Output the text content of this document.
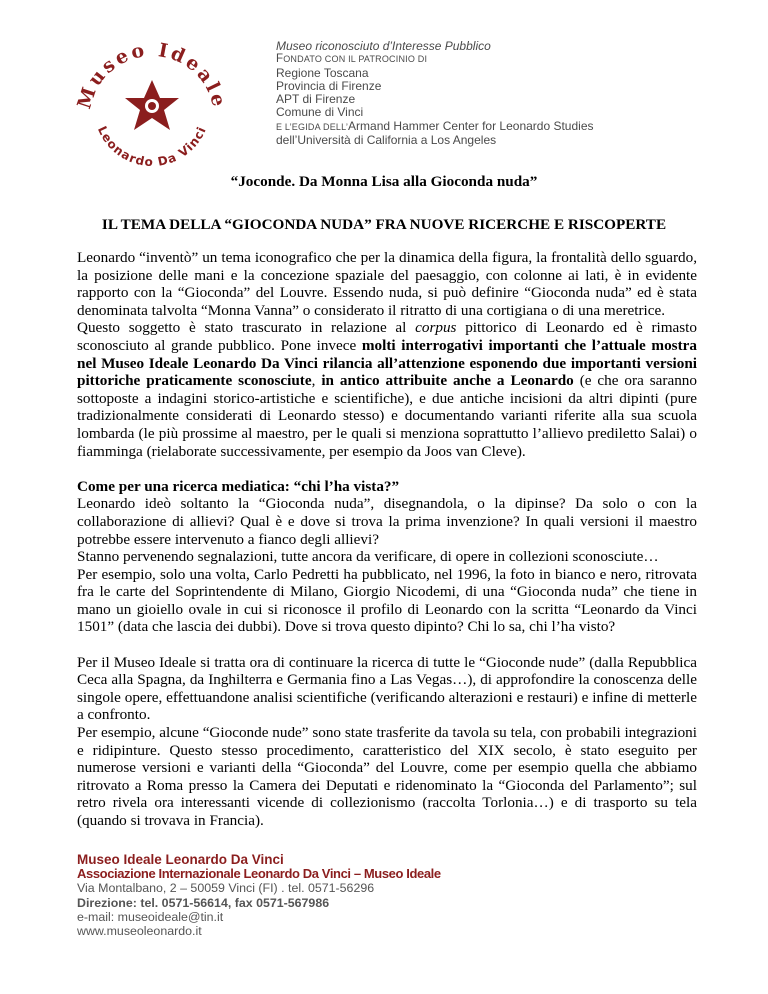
Museo Ideale
Leonardo Da Vinci
Museo riconosciuto d’Interesse Pubblico
FONDATO CON IL PATROCINIO DI
Regione Toscana
Provincia di Firenze
APT di Firenze
Comune di Vinci
E L’EGIDA DELL’Armand Hammer Center for Leonardo Studies
dell’Università di California a Los Angeles
“Joconde. Da Monna Lisa alla Gioconda nuda”
IL TEMA DELLA “GIOCONDA NUDA” FRA NUOVE RICERCHE E RISCOPERTE

Leonardo “inventò” un tema iconografico che per la dinamica della figura, la frontalità dello sguardo, la posizione delle mani e la concezione spaziale del paesaggio, con colonne ai lati, è in evidente rapporto con la “Gioconda” del Louvre. Essendo nuda, si può definire “Gioconda nuda” ed è stata denominata talvolta “Monna Vanna” o considerato il ritratto di una cortigiana o di una meretrice.

Questo soggetto è stato trascurato in relazione al corpus pittorico di Leonardo ed è rimasto sconosciuto al grande pubblico. Pone invece molti interrogativi importanti che l’attuale mostra nel Museo Ideale Leonardo Da Vinci rilancia all’attenzione esponendo due importanti versioni pittoriche praticamente sconosciute, in antico attribuite anche a Leonardo (e che ora saranno sottoposte a indagini storico-artistiche e scientifiche), e due antiche incisioni da altri dipinti (pure tradizionalmente considerati di Leonardo stesso) e documentando varianti riferite alla sua scuola lombarda (le più prossime al maestro, per le quali si menziona soprattutto l’allievo prediletto Salai) o fiamminga (rielaborate successivamente, per esempio da Joos van Cleve).

Come per una ricerca mediatica: “chi l’ha vista?”

Leonardo ideò soltanto la “Gioconda nuda”, disegnandola, o la dipinse? Da solo o con la collaborazione di allievi? Qual è e dove si trova la prima invenzione? In quali versioni il maestro potrebbe essere intervenuto a fianco degli allievi?

Stanno pervenendo segnalazioni, tutte ancora da verificare, di opere in collezioni sconosciute…

Per esempio, solo una volta, Carlo Pedretti ha pubblicato, nel 1996, la foto in bianco e nero, ritrovata fra le carte del Soprintendente di Milano, Giorgio Nicodemi, di una “Gioconda nuda” che tiene in mano un gioiello ovale in cui si riconosce il profilo di Leonardo con la scritta “Leonardo da Vinci 1501” (data che lascia dei dubbi). Dove si trova questo dipinto? Chi lo sa, chi l’ha visto?

Per il Museo Ideale si tratta ora di continuare la ricerca di tutte le “Gioconde nude” (dalla Repubblica Ceca alla Spagna, da Inghilterra e Germania fino a Las Vegas…), di approfondire la conoscenza delle singole opere, effettuandone analisi scientifiche (verificando alterazioni e restauri) e infine di metterle a confronto.

Per esempio, alcune “Gioconde nude” sono state trasferite da tavola su tela, con probabili integrazioni e ridipinture. Questo stesso procedimento, caratteristico del XIX secolo, è stato eseguito per numerose versioni e varianti della “Gioconda” del Louvre, come per esempio quella che abbiamo ritrovato a Roma presso la Camera dei Deputati e ridenominato la “Gioconda del Parlamento”; sul retro rivela ora interessanti vicende di collezionismo (raccolta Torlonia…) e di trasporto su tela (quando si trovava in Francia).

Museo Ideale Leonardo Da Vinci
Associazione Internazionale Leonardo Da Vinci – Museo Ideale
Via Montalbano, 2 – 50059 Vinci (FI) . tel. 0571-56296
Direzione: tel. 0571-56614, fax 0571-567986
e-mail: museoideale@tin.it
www.museoleonardo.it
